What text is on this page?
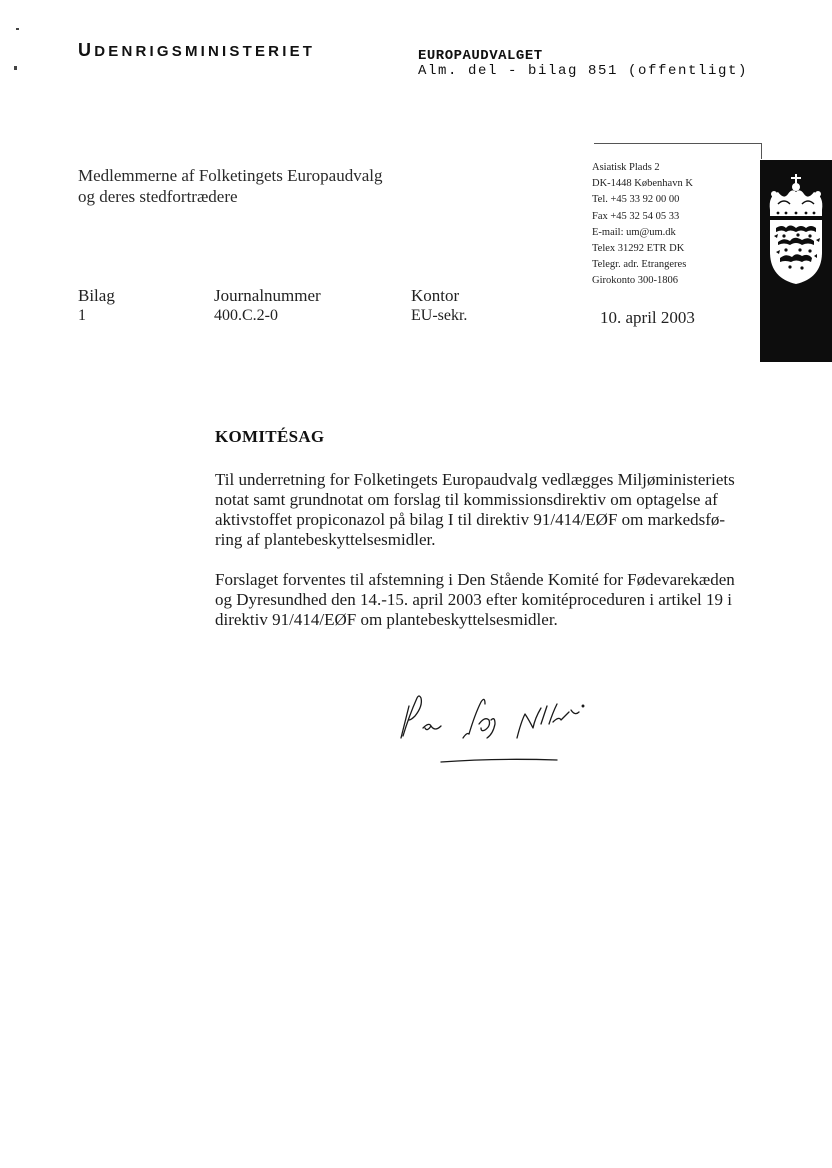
UDENRIGSMINISTERIET	EUROPAUDVALGET
Alm. del - bilag 851 (offentligt)
Medlemmerne af Folketingets Europaudvalg
og deres stedfortrædere
Asiatisk Plads 2
DK-1448 København K
Tel. +45 33 92 00 00
Fax +45 32 54 05 33
E-mail: um@um.dk
Telex 31292 ETR DK
Telegr. adr. Etrangeres
Girokonto 300-1806
Bilag
1
Journalnummer
400.C.2-0
Kontor
EU-sekr.	10. april 2003
KOMITÉSAG
Til underretning for Folketingets Europaudvalg vedlægges Miljøministeriets
notat samt grundnotat om forslag til kommissionsdirektiv om optagelse af
aktivstoffet propiconazol på bilag I til direktiv 91/414/EØF om markedsfø-
ring af plantebeskyttelsesmidler.
Forslaget forventes til afstemning i Den Stående Komité for Fødevarekæden
og Dyresundhed den 14.-15. april 2003 efter komitéproceduren i artikel 19 i
direktiv 91/414/EØF om plantebeskyttelsesmidler.
